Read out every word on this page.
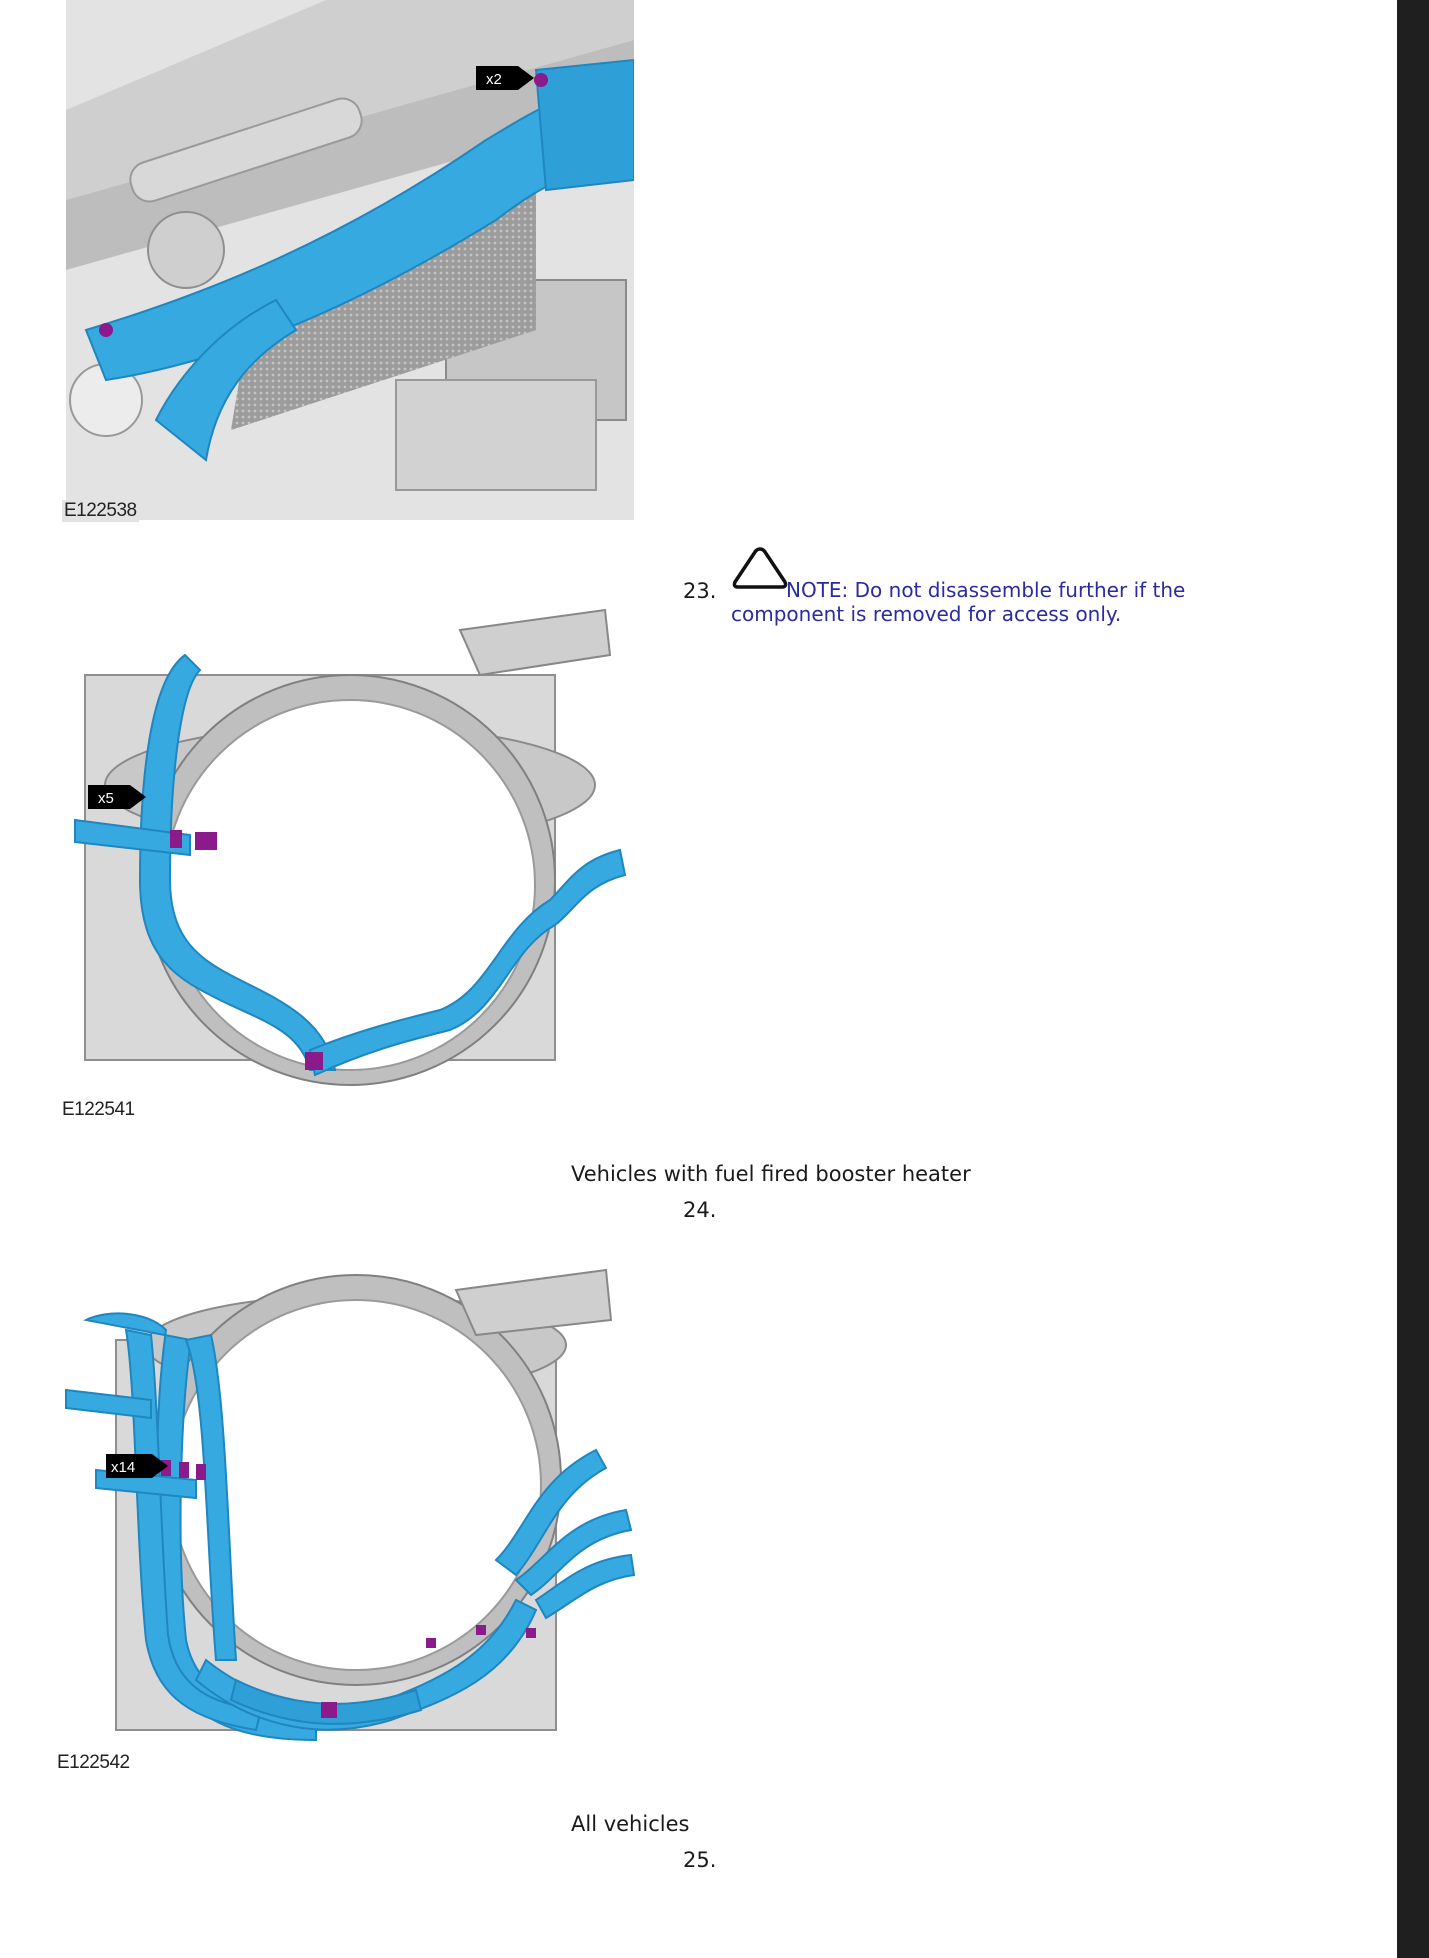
x2
E122538
x5
E122541
23.	NOTE: Do not disassemble further if the
component is removed for access only.
Vehicles with fuel fired booster heater
24.
x14
E122542
All vehicles
25.
